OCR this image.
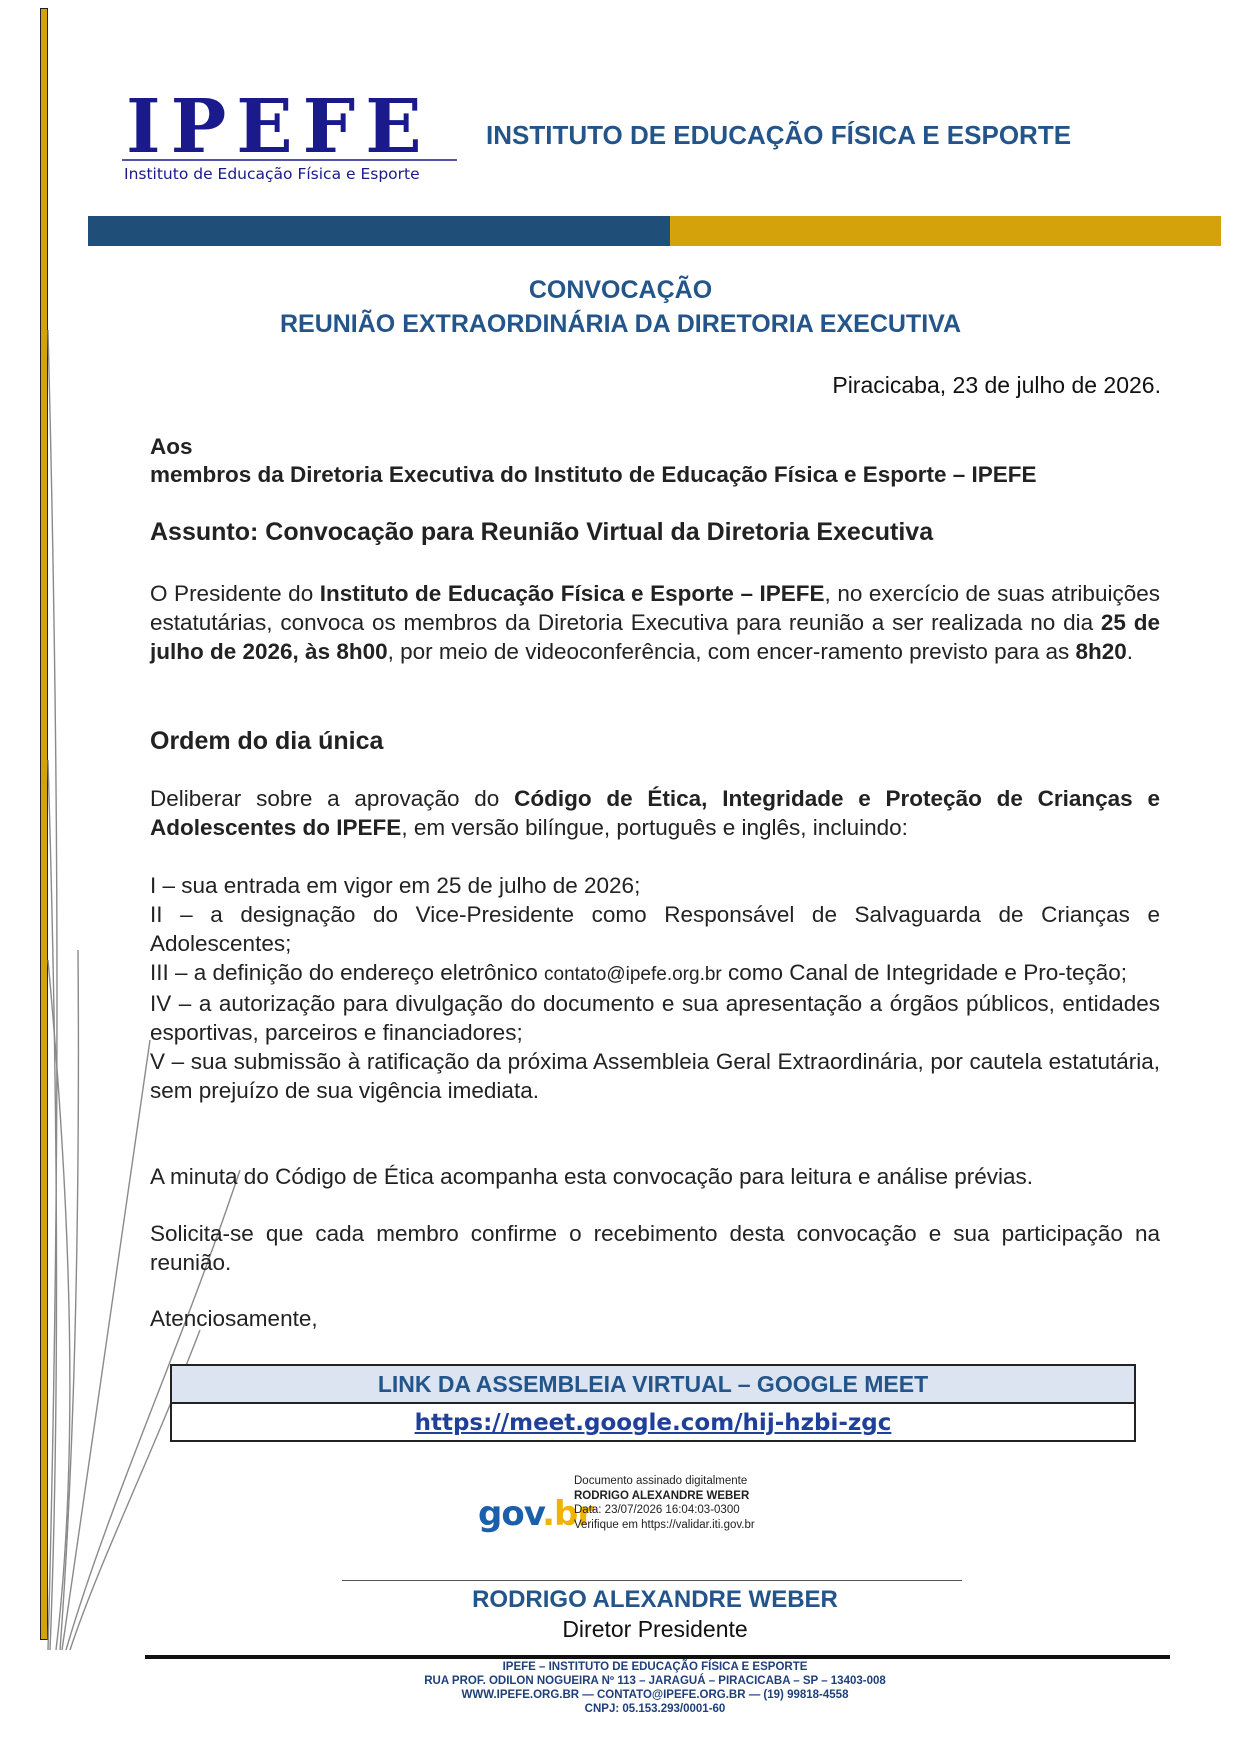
IPEFE
Instituto de Educação Física e Esporte
INSTITUTO DE EDUCAÇÃO FÍSICA E ESPORTE
CONVOCAÇÃO
REUNIÃO EXTRAORDINÁRIA DA DIRETORIA EXECUTIVA
Piracicaba, 23 de julho de 2026.
Aos
membros da Diretoria Executiva do Instituto de Educação Física e Esporte – IPEFE
Assunto: Convocação para Reunião Virtual da Diretoria Executiva
O Presidente do Instituto de Educação Física e Esporte – IPEFE, no exercício de suas atribuições estatutárias, convoca os membros da Diretoria Executiva para reunião a ser realizada no dia 25 de julho de 2026, às 8h00, por meio de videoconferência, com encer-ramento previsto para as 8h20.
Ordem do dia única
Deliberar sobre a aprovação do Código de Ética, Integridade e Proteção de Crianças e Adolescentes do IPEFE, em versão bilíngue, português e inglês, incluindo:

I – sua entrada em vigor em 25 de julho de 2026;

II – a designação do Vice-Presidente como Responsável de Salvaguarda de Crianças e Adolescentes;

III – a definição do endereço eletrônico contato@ipefe.org.br como Canal de Integridade e Pro-teção;

IV – a autorização para divulgação do documento e sua apresentação a órgãos públicos, entidades esportivas, parceiros e financiadores;

V – sua submissão à ratificação da próxima Assembleia Geral Extraordinária, por cautela estatutária, sem prejuízo de sua vigência imediata.

A minuta do Código de Ética acompanha esta convocação para leitura e análise prévias.
Solicita-se que cada membro confirme o recebimento desta convocação e sua participação na reunião.
Atenciosamente,
LINK DA ASSEMBLEIA VIRTUAL – GOOGLE MEET
https://meet.google.com/hij-hzbi-zgc
gov.br
Documento assinado digitalmente
RODRIGO ALEXANDRE WEBER
Data: 23/07/2026 16:04:03-0300
Verifique em https://validar.iti.gov.br
RODRIGO ALEXANDRE WEBER
Diretor Presidente
IPEFE – INSTITUTO DE EDUCAÇÃO FÍSICA E ESPORTE
RUA PROF. ODILON NOGUEIRA Nº 113 – JARAGUÁ – PIRACICABA – SP – 13403-008
WWW.IPEFE.ORG.BR — CONTATO@IPEFE.ORG.BR — (19) 99818-4558
CNPJ: 05.153.293/0001-60
